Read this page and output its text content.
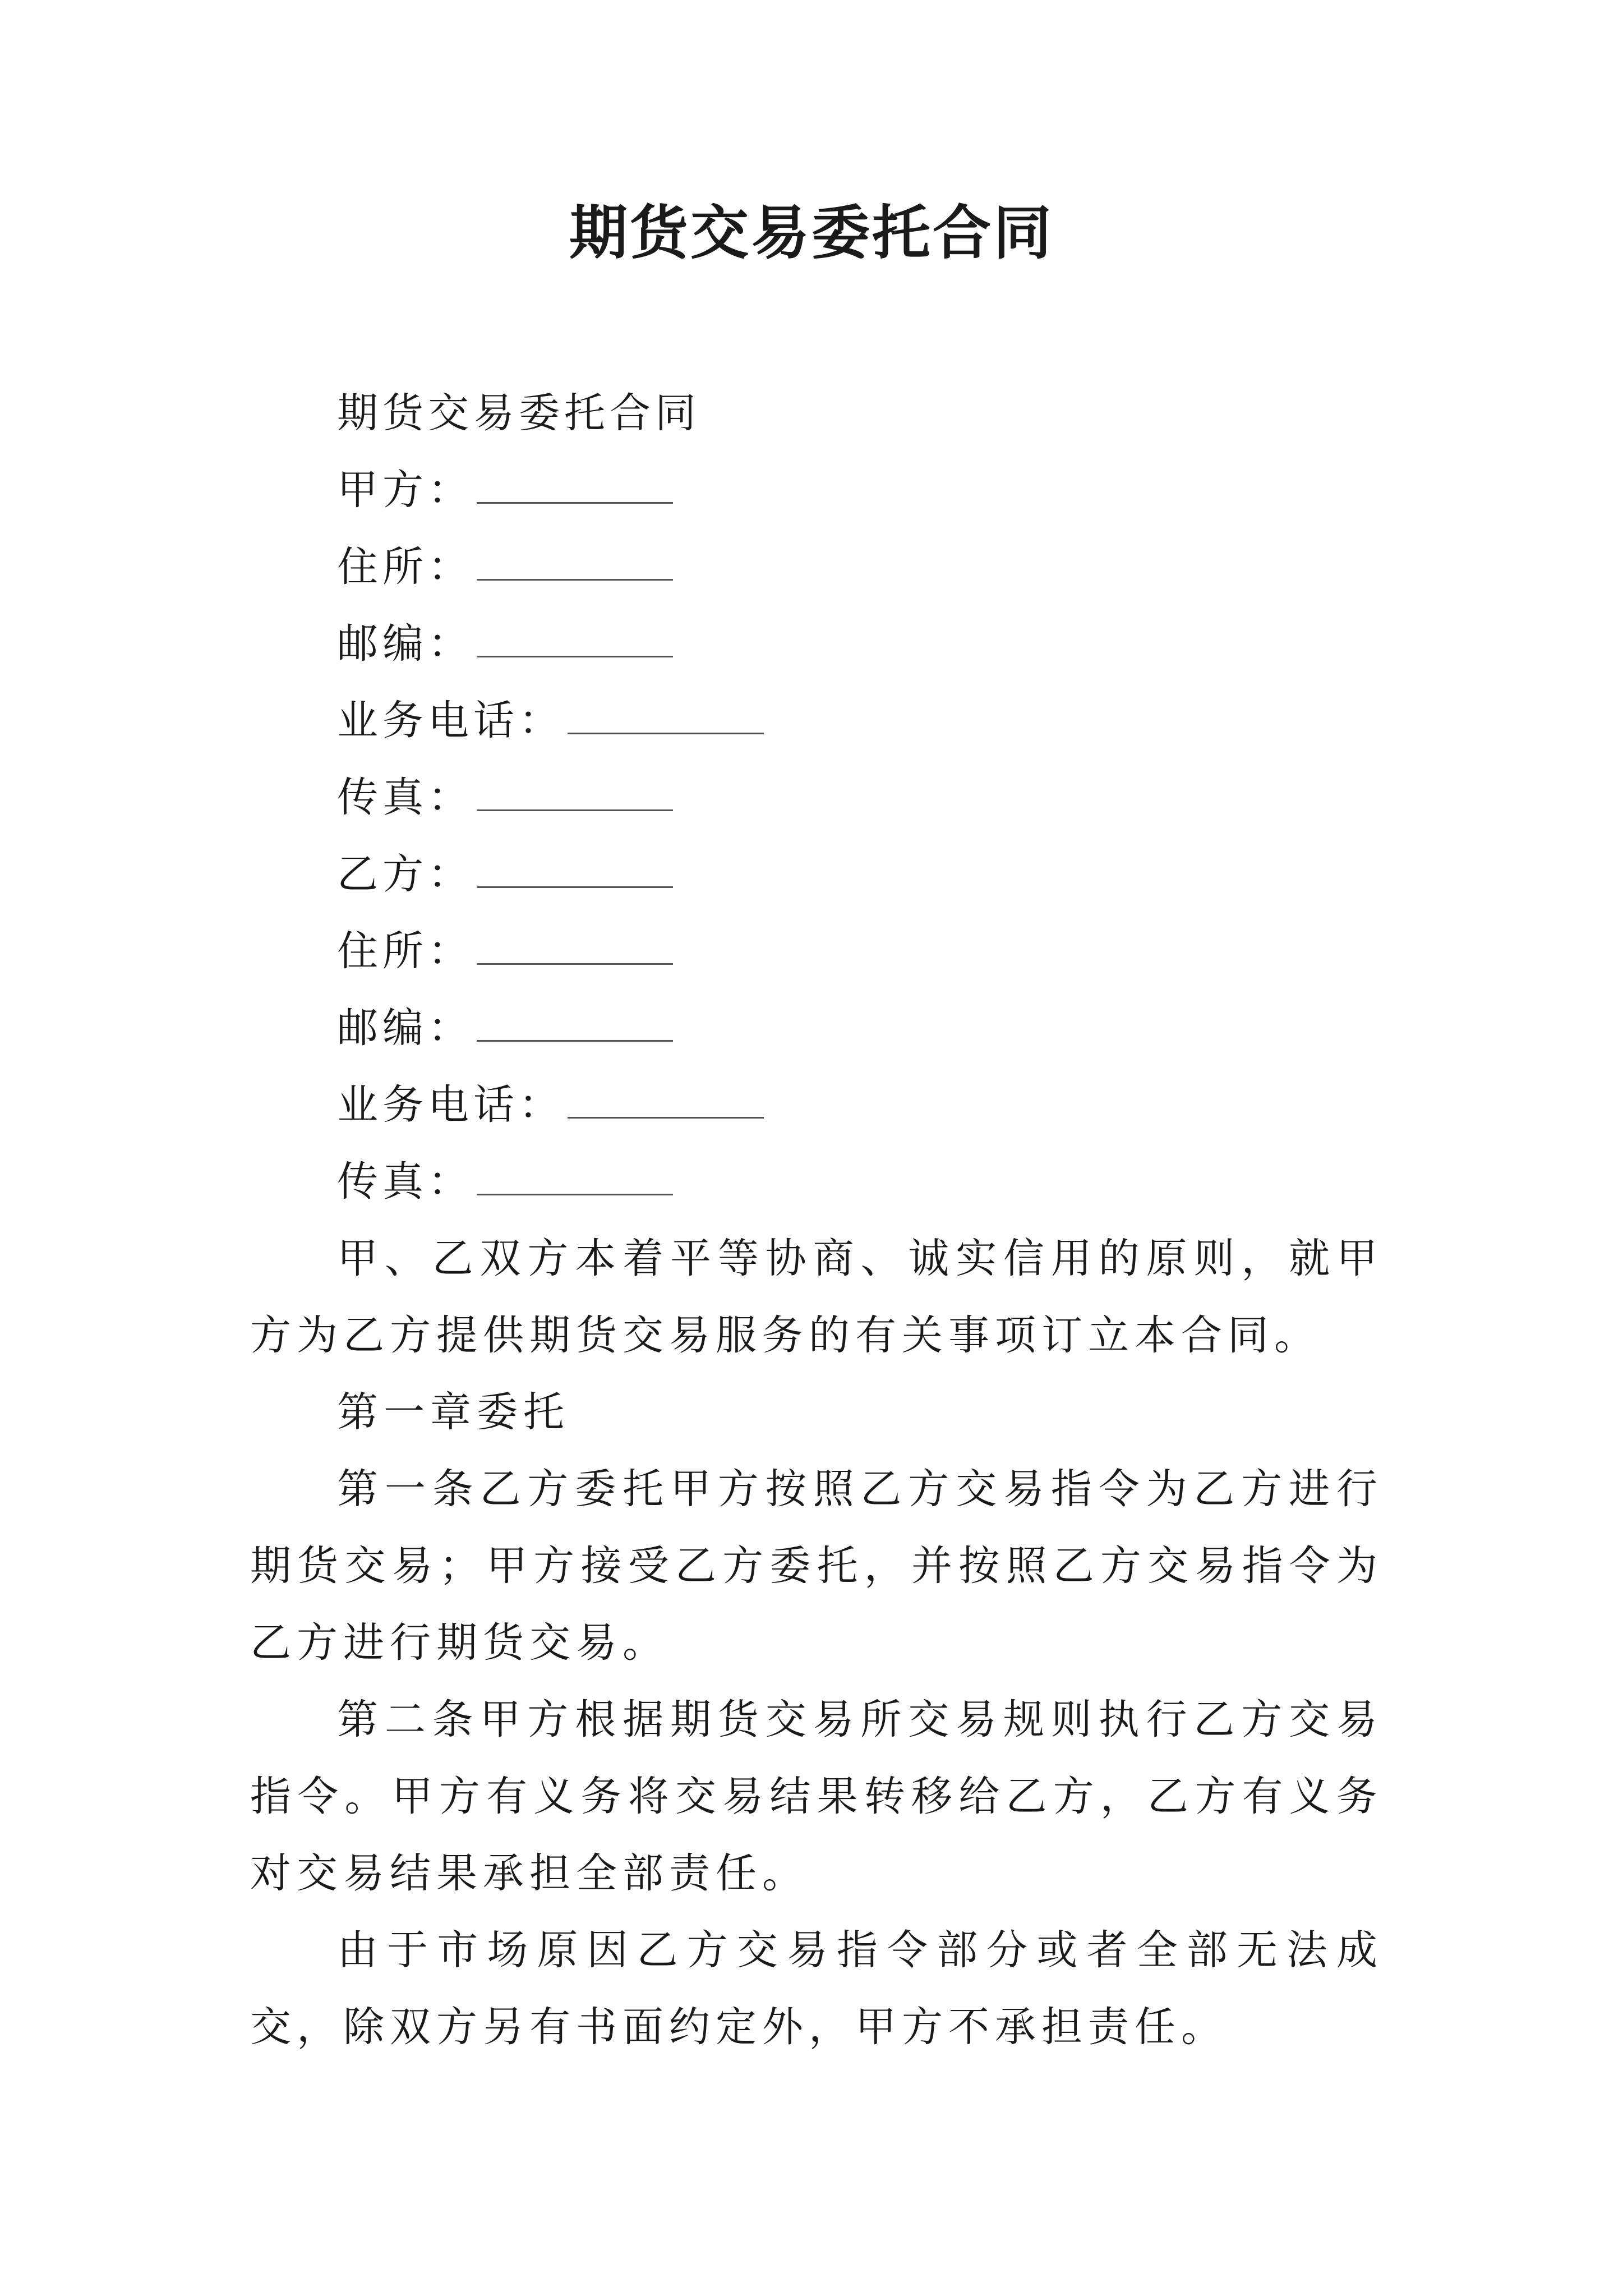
期货交易委托合同

期货交易委托合同

甲方：

住所：

邮编：

业务电话：

传真：

乙方：

住所：

邮编：

业务电话：

传真：

甲、乙双方本着平等协商、诚实信用的原则，就甲方为乙方提供期货交易服务的有关事项订立本合同。

第一章委托

第一条乙方委托甲方按照乙方交易指令为乙方进行期货交易；甲方接受乙方委托，并按照乙方交易指令为乙方进行期货交易。

第二条甲方根据期货交易所交易规则执行乙方交易指令。甲方有义务将交易结果转移给乙方，乙方有义务对交易结果承担全部责任。

由于市场原因乙方交易指令部分或者全部无法成交，除双方另有书面约定外，甲方不承担责任。
